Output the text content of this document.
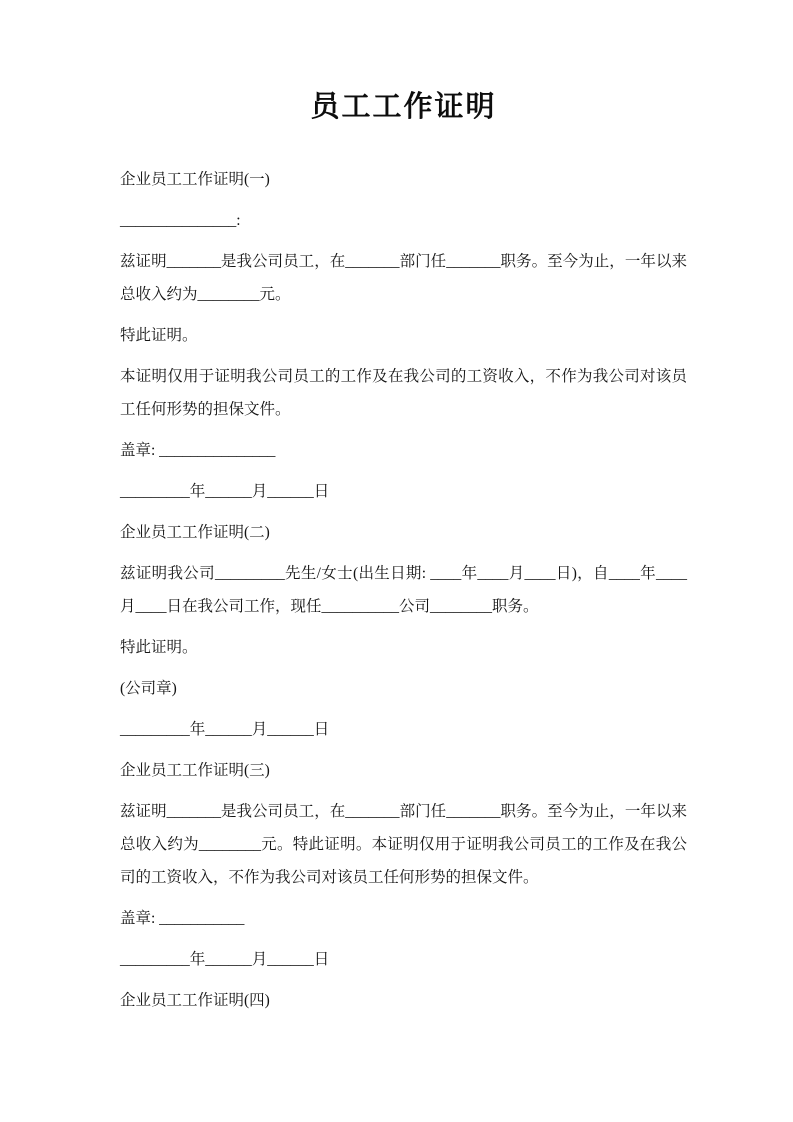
员工工作证明

企业员工工作证明(一)

_______________:

兹证明_______是我公司员工，在_______部门任_______职务。至今为止，一年以来总收入约为________元。

特此证明。

本证明仅用于证明我公司员工的工作及在我公司的工资收入，不作为我公司对该员工任何形势的担保文件。

盖章: _______________

_________年______月______日

企业员工工作证明(二)

兹证明我公司_________先生/女士(出生日期: ____年____月____日)，自____年____月____日在我公司工作，现任__________公司________职务。

特此证明。

(公司章)

_________年______月______日

企业员工工作证明(三)

兹证明_______是我公司员工，在_______部门任_______职务。至今为止，一年以来总收入约为________元。特此证明。本证明仅用于证明我公司员工的工作及在我公司的工资收入，不作为我公司对该员工任何形势的担保文件。

盖章: ___________

_________年______月______日

企业员工工作证明(四)
